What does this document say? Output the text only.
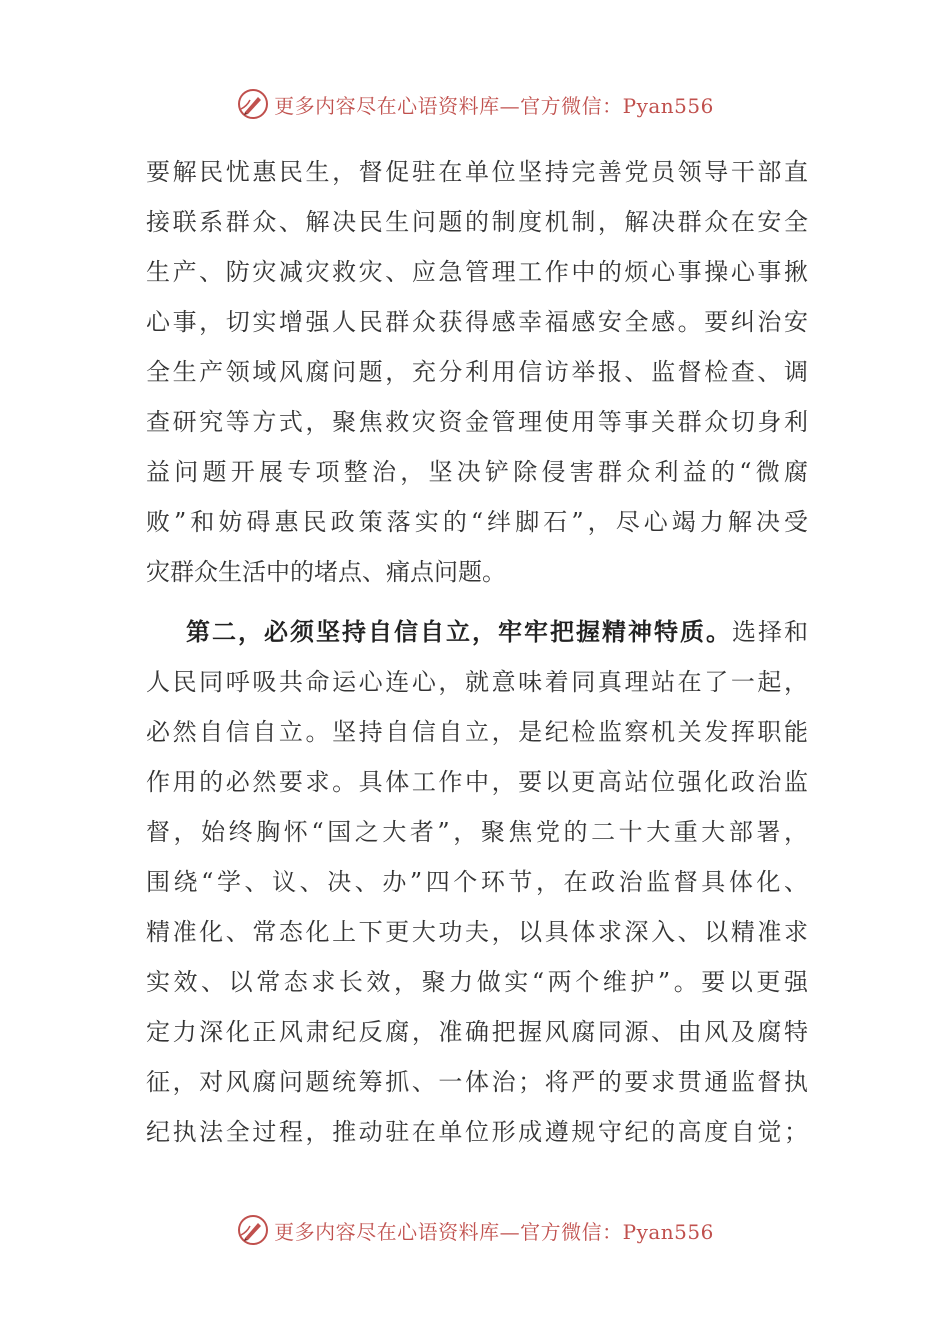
更多内容尽在心语资料库—官方微信：Pyan556
要解民忧惠民生，督促驻在单位坚持完善党员领导干部直
接联系群众、解决民生问题的制度机制，解决群众在安全
生产、防灾减灾救灾、应急管理工作中的烦心事操心事揪
心事，切实增强人民群众获得感幸福感安全感。要纠治安
全生产领域风腐问题，充分利用信访举报、监督检查、调
查研究等方式，聚焦救灾资金管理使用等事关群众切身利
益问题开展专项整治，坚决铲除侵害群众利益的“微腐
败”和妨碍惠民政策落实的“绊脚石”，尽心竭力解决受
灾群众生活中的堵点、痛点问题。
第二，必须坚持自信自立，牢牢把握精神特质。选择和
人民同呼吸共命运心连心，就意味着同真理站在了一起，
必然自信自立。坚持自信自立，是纪检监察机关发挥职能
作用的必然要求。具体工作中，要以更高站位强化政治监
督，始终胸怀“国之大者”，聚焦党的二十大重大部署，
围绕“学、议、决、办”四个环节，在政治监督具体化、
精准化、常态化上下更大功夫，以具体求深入、以精准求
实效、以常态求长效，聚力做实“两个维护”。要以更强
定力深化正风肃纪反腐，准确把握风腐同源、由风及腐特
征，对风腐问题统筹抓、一体治；将严的要求贯通监督执
纪执法全过程，推动驻在单位形成遵规守纪的高度自觉；
更多内容尽在心语资料库—官方微信：Pyan556
